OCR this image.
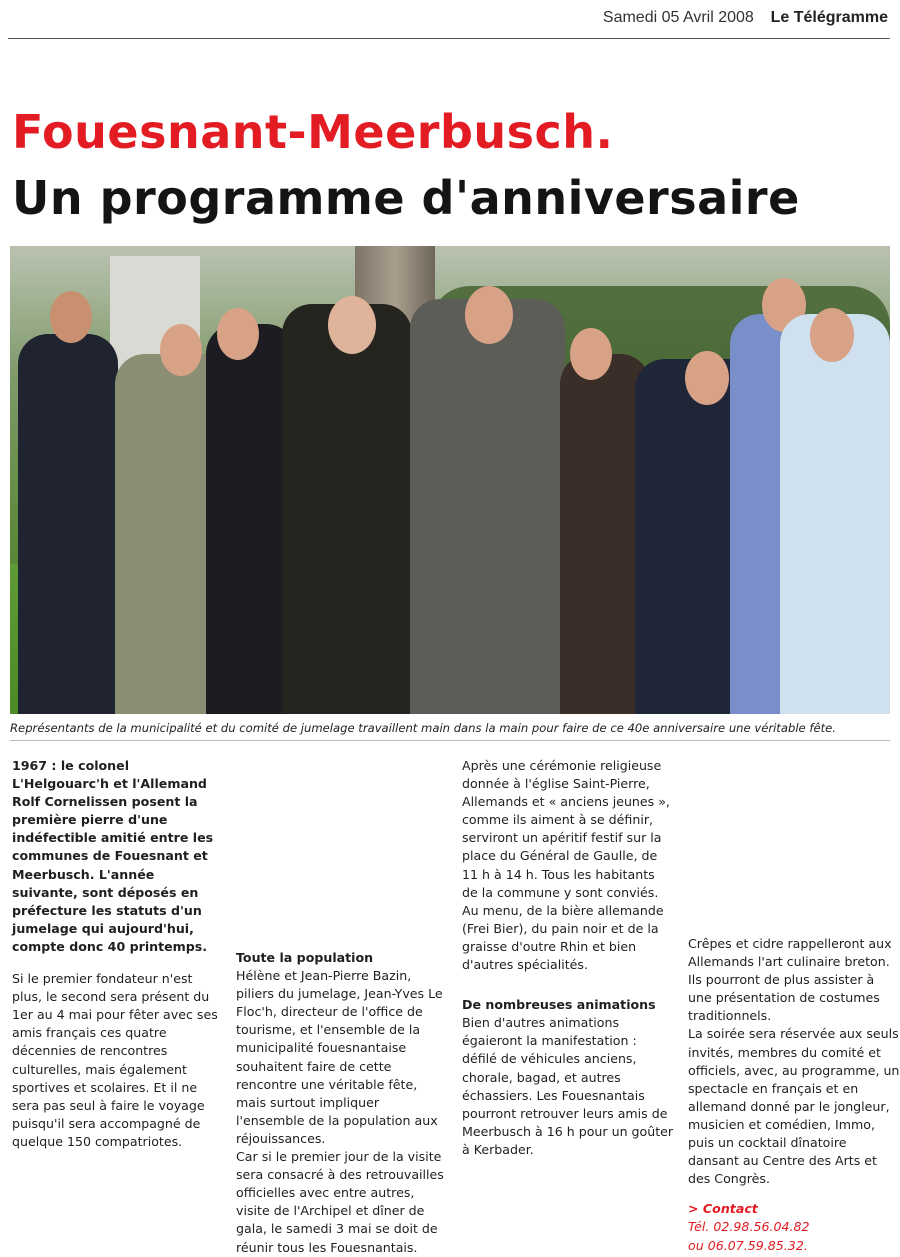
Samedi 05 Avril 2008 Le Télégramme
Fouesnant-Meerbusch.
Un programme d'anniversaire
Représentants de la municipalité et du comité de jumelage travaillent main dans la main pour faire de ce 40e anniversaire une véritable fête.

1967 : le colonel L'Helgouarc'h et l'Allemand Rolf Cornelissen posent la première pierre d'une indéfectible amitié entre les communes de Fouesnant et Meerbusch. L'année suivante, sont déposés en préfecture les statuts d'un jumelage qui aujourd'hui, compte donc 40 printemps.

Si le premier fondateur n'est plus, le second sera présent du 1er au 4 mai pour fêter avec ses amis français ces quatre décennies de rencontres culturelles, mais également sportives et scolaires. Et il ne sera pas seul à faire le voyage puisqu'il sera accompagné de quelque 150 compatriotes.

Toute la population

Hélène et Jean-Pierre Bazin, piliers du jumelage, Jean-Yves Le Floc'h, directeur de l'office de tourisme, et l'ensemble de la municipalité fouesnantaise souhaitent faire de cette rencontre une véritable fête, mais surtout impliquer l'ensemble de la population aux réjouissances.

Car si le premier jour de la visite sera consacré à des retrouvailles officielles avec entre autres, visite de l'Archipel et dîner de gala, le samedi 3 mai se doit de réunir tous les Fouesnantais.

Après une cérémonie religieuse donnée à l'église Saint-Pierre, Allemands et « anciens jeunes », comme ils aiment à se définir, serviront un apéritif festif sur la place du Général de Gaulle, de 11 h à 14 h. Tous les habitants de la commune y sont conviés. Au menu, de la bière allemande (Frei Bier), du pain noir et de la graisse d'outre Rhin et bien d'autres spécialités.

De nombreuses animations

Bien d'autres animations égaieront la manifestation : défilé de véhicules anciens, chorale, bagad, et autres échassiers. Les Fouesnantais pourront retrouver leurs amis de Meerbusch à 16 h pour un goûter à Kerbader.

Crêpes et cidre rappelleront aux Allemands l'art culinaire breton. Ils pourront de plus assister à une présentation de costumes traditionnels.

La soirée sera réservée aux seuls invités, membres du comité et officiels, avec, au programme, un spectacle en français et en allemand donné par le jongleur, musicien et comédien, Immo, puis un cocktail dînatoire dansant au Centre des Arts et des Congrès.

> Contact

Tél. 02.98.56.04.82

ou 06.07.59.85.32.
